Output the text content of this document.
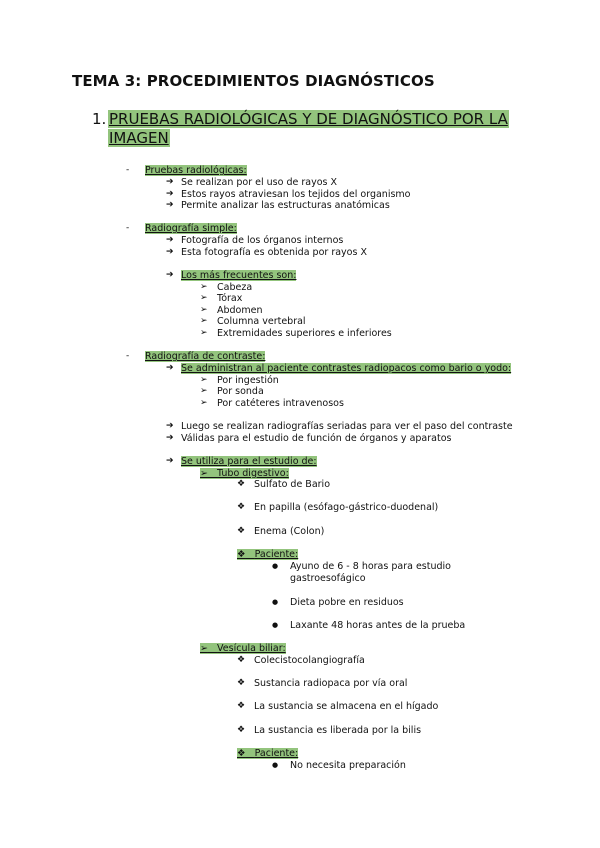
TEMA 3: PROCEDIMIENTOS DIAGNÓSTICOS
1. PRUEBAS RADIOLÓGICAS Y DE DIAGNÓSTICO POR LA
IMAGEN
- Pruebas radiológicas:
➔ Se realizan por el uso de rayos X
➔ Estos rayos atraviesan los tejidos del organismo
➔ Permite analizar las estructuras anatómicas
- Radiografía simple:
➔ Fotografía de los órganos internos
➔ Esta fotografía es obtenida por rayos X
➔ Los más frecuentes son:
➢ Cabeza
➢ Tórax
➢ Abdomen
➢ Columna vertebral
➢ Extremidades superiores e inferiores
- Radiografía de contraste:
➔ Se administran al paciente contrastes radiopacos como bario o yodo:
➢ Por ingestión
➢ Por sonda
➢ Por catéteres intravenosos
➔ Luego se realizan radiografías seriadas para ver el paso del contraste
➔ Válidas para el estudio de función de órganos y aparatos
➔ Se utiliza para el estudio de:
➢ Tubo digestivo:
❖ Sulfato de Bario
❖ En papilla (esófago-gástrico-duodenal)
❖ Enema (Colon)
❖ Paciente:
● Ayuno de 6 - 8 horas para estudio
gastroesofágico
● Dieta pobre en residuos
● Laxante 48 horas antes de la prueba
➢ Vesícula biliar:
❖ Colecistocolangiografía
❖ Sustancia radiopaca por vía oral
❖ La sustancia se almacena en el hígado
❖ La sustancia es liberada por la bilis
❖ Paciente:
● No necesita preparación
